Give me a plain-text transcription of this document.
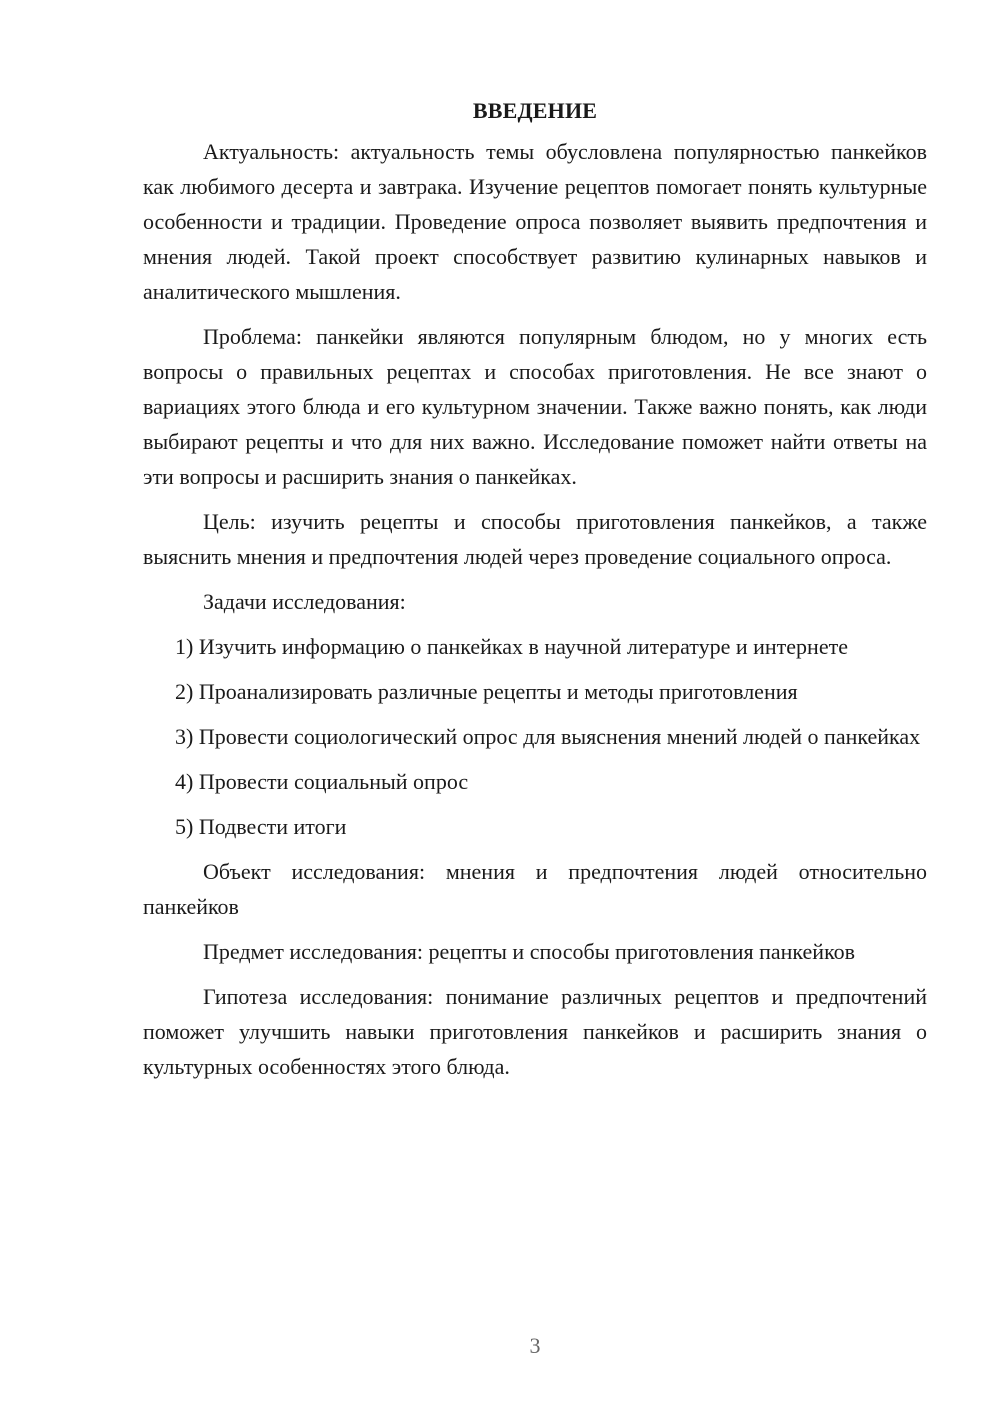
ВВЕДЕНИЕ

Актуальность: актуальность темы обусловлена популярностью панкейков как любимого десерта и завтрака. Изучение рецептов помогает понять культурные особенности и традиции. Проведение опроса позволяет выявить предпочтения и мнения людей. Такой проект способствует развитию кулинарных навыков и аналитического мышления.

Проблема: панкейки являются популярным блюдом, но у многих есть вопросы о правильных рецептах и способах приготовления. Не все знают о вариациях этого блюда и его культурном значении. Также важно понять, как люди выбирают рецепты и что для них важно. Исследование поможет найти ответы на эти вопросы и расширить знания о панкейках.

Цель: изучить рецепты и способы приготовления панкейков, а также выяснить мнения и предпочтения людей через проведение социального опроса.

Задачи исследования:

1) Изучить информацию о панкейках в научной литературе и интернете

2) Проанализировать различные рецепты и методы приготовления

3) Провести социологический опрос для выяснения мнений людей о панкейках

4) Провести социальный опрос

5) Подвести итоги

Объект исследования: мнения и предпочтения людей относительно панкейков

Предмет исследования: рецепты и способы приготовления панкейков

Гипотеза исследования: понимание различных рецептов и предпочтений поможет улучшить навыки приготовления панкейков и расширить знания о культурных особенностях этого блюда.

3
